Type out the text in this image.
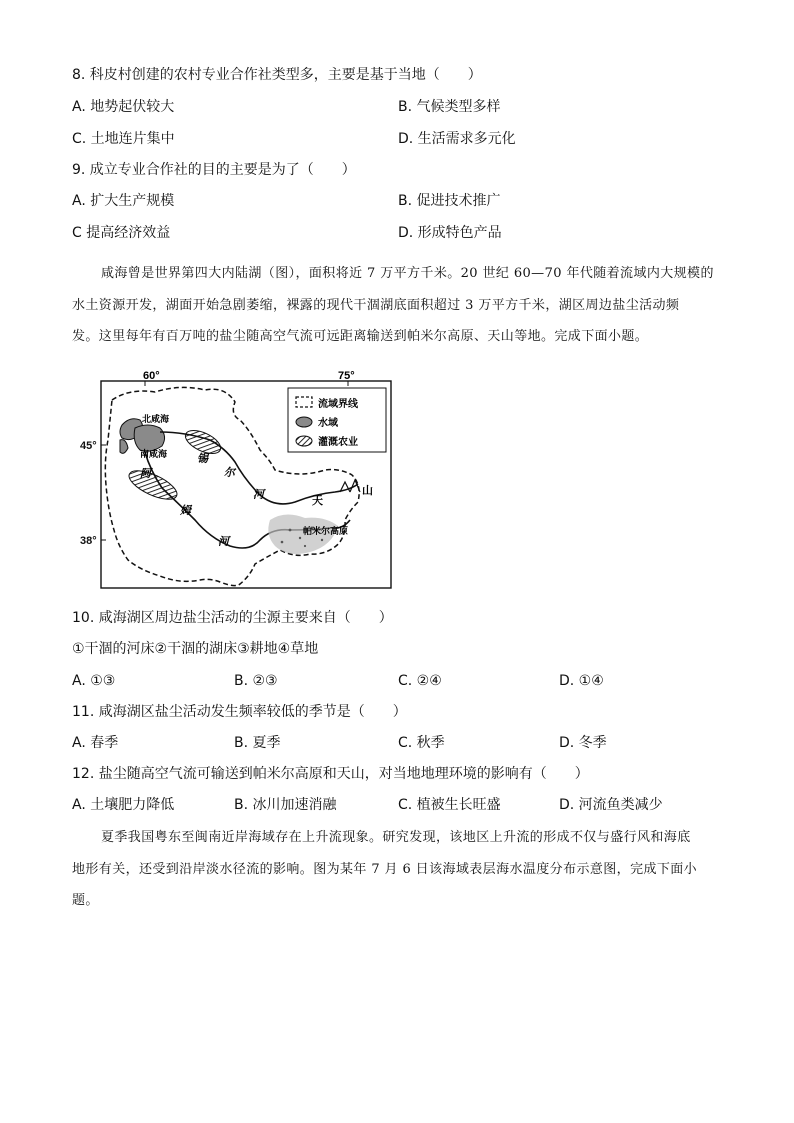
8. 科皮村创建的农村专业合作社类型多，主要是基于当地（　　）
A. 地势起伏较大	B. 气候类型多样
C. 土地连片集中	D. 生活需求多元化
9. 成立专业合作社的目的主要是为了（　　）
A. 扩大生产规模	B. 促进技术推广
C 提高经济效益	D. 形成特色产品
咸海曾是世界第四大内陆湖（图），面积将近 7 万平方千米。20 世纪 60—70 年代随着流域内大规模的
水土资源开发，湖面开始急剧萎缩，裸露的现代干涸湖底面积超过 3 万平方千米，湖区周边盐尘活动频
发。这里每年有百万吨的盐尘随高空气流可远距离输送到帕米尔高原、天山等地。完成下面小题。
60°	75°
流域界线
水域
灌溉农业
北咸海
南咸海	锡
尔
河
阿
姆
河
天
山
帕米尔高原
45°
38°
10. 咸海湖区周边盐尘活动的尘源主要来自（　　）
①干涸的河床②干涸的湖床③耕地④草地
A. ①③	B. ②③	C. ②④	D. ①④
11. 咸海湖区盐尘活动发生频率较低的季节是（　　）
A. 春季	B. 夏季	C. 秋季	D. 冬季
12. 盐尘随高空气流可输送到帕米尔高原和天山，对当地地理环境的影响有（　　）
A. 土壤肥力降低	B. 冰川加速消融	C. 植被生长旺盛	D. 河流鱼类减少
夏季我国粤东至闽南近岸海域存在上升流现象。研究发现，该地区上升流的形成不仅与盛行风和海底
地形有关，还受到沿岸淡水径流的影响。图为某年 7 月 6 日该海域表层海水温度分布示意图，完成下面小
题。
